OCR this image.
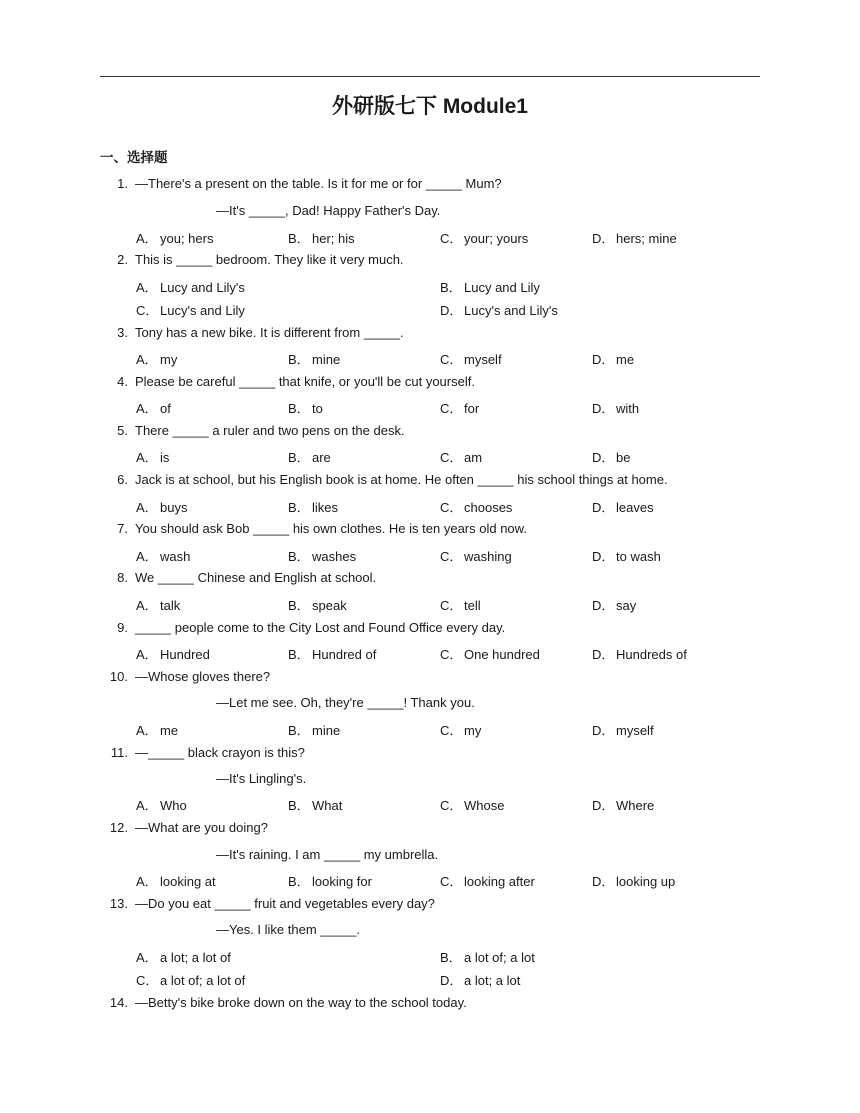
外研版七下 Module1
一、选择题
1. —There's a present on the table. Is it for me or for _____ Mum?
—It's _____, Dad! Happy Father's Day.
A． you; hers	B． her; his	C． your; yours	D． hers; mine
2. This is _____ bedroom. They like it very much.
A． Lucy and Lily's	B． Lucy and Lily
C． Lucy's and Lily	D． Lucy's and Lily's
3. Tony has a new bike. It is different from _____.
A． my	B． mine	C． myself	D． me
4. Please be careful _____ that knife, or you'll be cut yourself.
A． of	B． to	C． for	D． with
5. There _____ a ruler and two pens on the desk.
A． is	B． are	C． am	D． be
6. Jack is at school, but his English book is at home. He often _____ his school things at home.
A． buys	B． likes	C． chooses	D． leaves
7. You should ask Bob _____ his own clothes. He is ten years old now.
A． wash	B． washes	C． washing	D． to wash
8. We _____ Chinese and English at school.
A． talk	B． speak	C． tell	D． say
9. _____ people come to the City Lost and Found Office every day.
A． Hundred	B． Hundred of	C． One hundred	D． Hundreds of
10. —Whose gloves there?
—Let me see. Oh, they're _____! Thank you.
A． me	B． mine	C． my	D． myself
11. —_____ black crayon is this?
—It's Lingling's.
A． Who	B． What	C． Whose	D． Where
12. —What are you doing?
—It's raining. I am _____ my umbrella.
A． looking at	B． looking for	C． looking after	D． looking up
13. —Do you eat _____ fruit and vegetables every day?
—Yes. I like them _____.
A． a lot; a lot of	B． a lot of; a lot
C． a lot of; a lot of	D． a lot; a lot
14. —Betty's bike broke down on the way to the school today.
